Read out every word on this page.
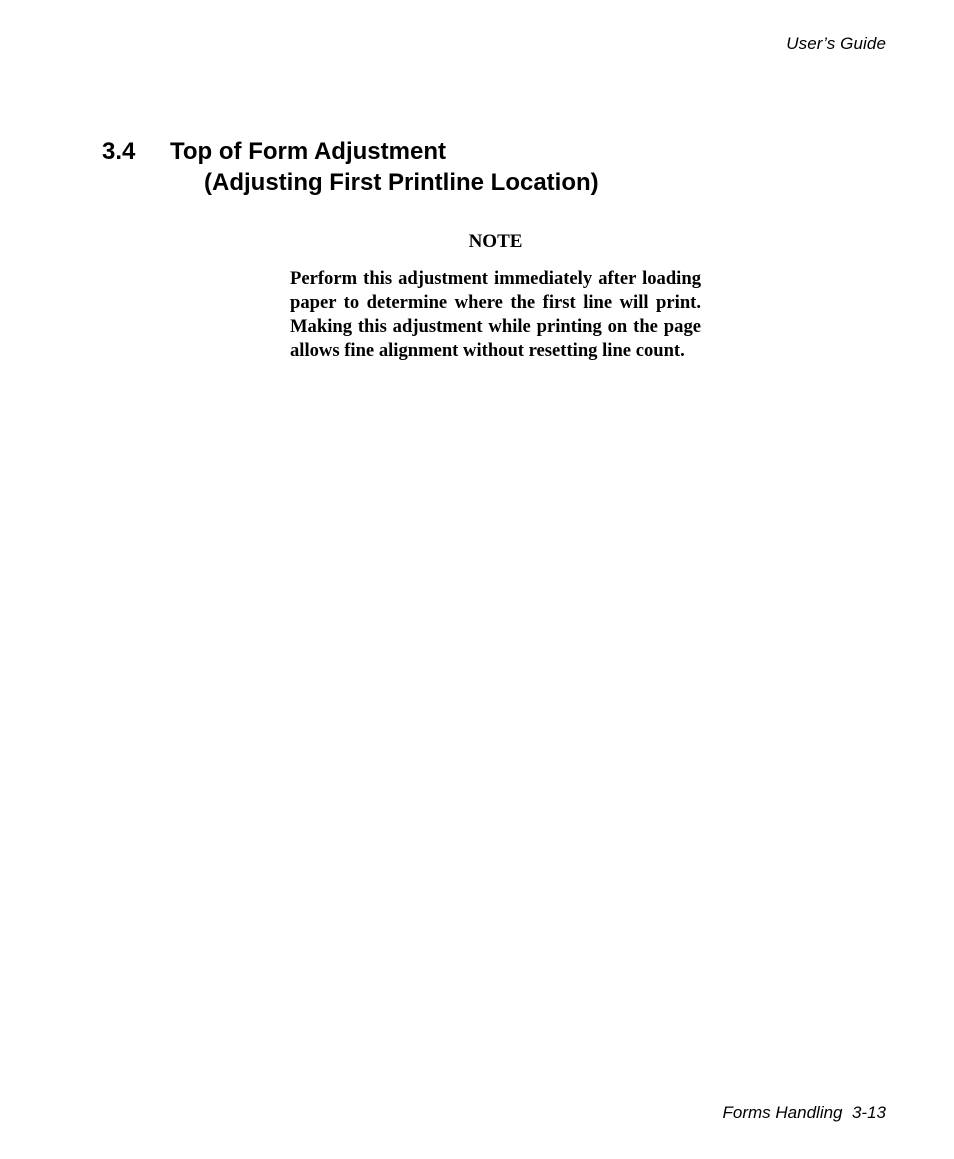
User’s Guide
3.4 Top of Form Adjustment
(Adjusting First Printline Location)
NOTE

Perform this adjustment immediately after loading paper to determine where the first line will print. Making this adjustment while printing on the page allows fine alignment without resetting line count.

Forms Handling 3-13
